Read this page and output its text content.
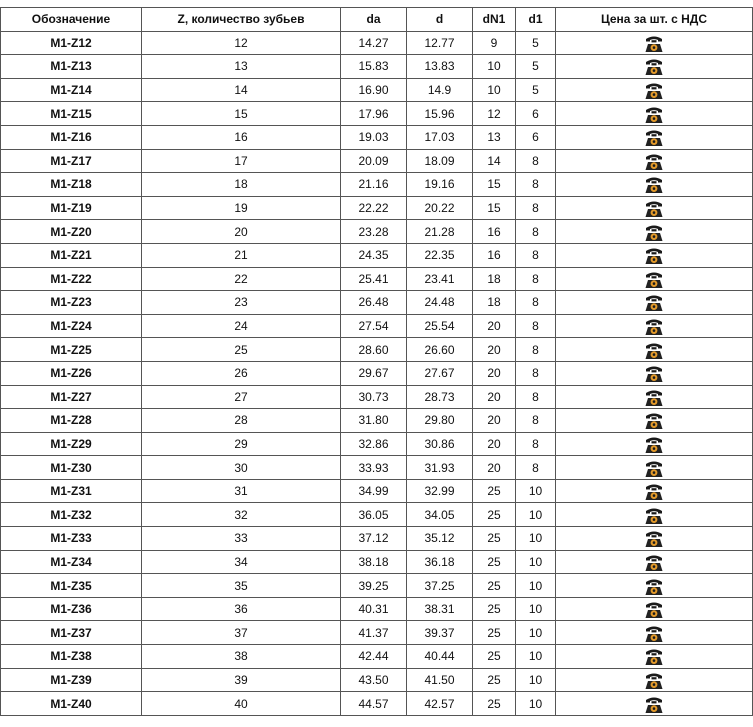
Обозначение	Z, количество зубьев	da	d	dN1	d1	Цена за шт. с НДС
M1-Z12	12	14.27	12.77	9	5	

M1-Z13	13	15.83	13.83	10	5	

M1-Z14	14	16.90	14.9	10	5	

M1-Z15	15	17.96	15.96	12	6	

M1-Z16	16	19.03	17.03	13	6	

M1-Z17	17	20.09	18.09	14	8	

M1-Z18	18	21.16	19.16	15	8	

M1-Z19	19	22.22	20.22	15	8	

M1-Z20	20	23.28	21.28	16	8	

M1-Z21	21	24.35	22.35	16	8	

M1-Z22	22	25.41	23.41	18	8	

M1-Z23	23	26.48	24.48	18	8	

M1-Z24	24	27.54	25.54	20	8	

M1-Z25	25	28.60	26.60	20	8	

M1-Z26	26	29.67	27.67	20	8	

M1-Z27	27	30.73	28.73	20	8	

M1-Z28	28	31.80	29.80	20	8	

M1-Z29	29	32.86	30.86	20	8	

M1-Z30	30	33.93	31.93	20	8	

M1-Z31	31	34.99	32.99	25	10	

M1-Z32	32	36.05	34.05	25	10	

M1-Z33	33	37.12	35.12	25	10	

M1-Z34	34	38.18	36.18	25	10	

M1-Z35	35	39.25	37.25	25	10	

M1-Z36	36	40.31	38.31	25	10	

M1-Z37	37	41.37	39.37	25	10	

M1-Z38	38	42.44	40.44	25	10	

M1-Z39	39	43.50	41.50	25	10	

M1-Z40	40	44.57	42.57	25	10	
